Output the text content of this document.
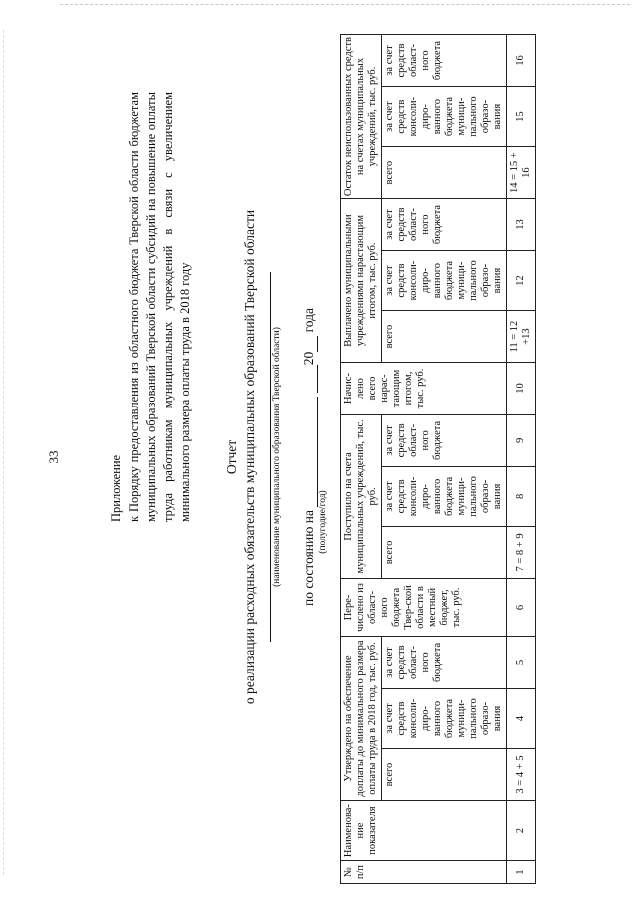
33	Приложение к Порядку предоставления из областного бюджета Тверской области бюджетам муниципальных образований Тверской области субсидий на повышение оплаты труда работникам муниципальных учреждений в связи с увеличением минимального размера оплаты труда в 2018 году Отчет о реализации расходных обязательств муниципальных образований Тверской области (наименование муниципального образования Тверской области) по состоянию на    20  года
(полугодие/год)
№ п/п	Наименова-ние показателя	Утверждено на обеспечение доплаты до минимального размера оплаты труда в 2018 год, тыс. руб.			Пере-числено из област-ного бюджета Твер-ской области в местный бюджет, тыс. руб.	Поступило на счета муниципальных учреждений, тыс. руб.			Начис-лено всего нарас-тающим итогом, тыс. руб.	Выплачено муниципальными учреждениями нарастающим итогом, тыс. руб.			Остаток неиспользованных средств на счетах муниципальных учреждений, тыс. руб.		
		всего	за счет средств консоли-диро-ванного бюджета муници-пального образо-вания	за счет средств област-ного бюджета		всего	за счет средств консоли-диро-ванного бюджета муници-пального образо-вания	за счет средств област-ного бюджета		всего	за счет средств консоли-диро-ванного бюджета муници-пального образо-вания	за счет средств област-ного бюджета	всего	за счет средств консоли-диро-ванного бюджета муници-пального образо-вания	за счет средств област-ного бюджета
1	2	3 = 4 + 5	4	5	6	7 = 8 + 9	8	9	10	11 = 12 +13	12	13	14 = 15 + 16	15	16
